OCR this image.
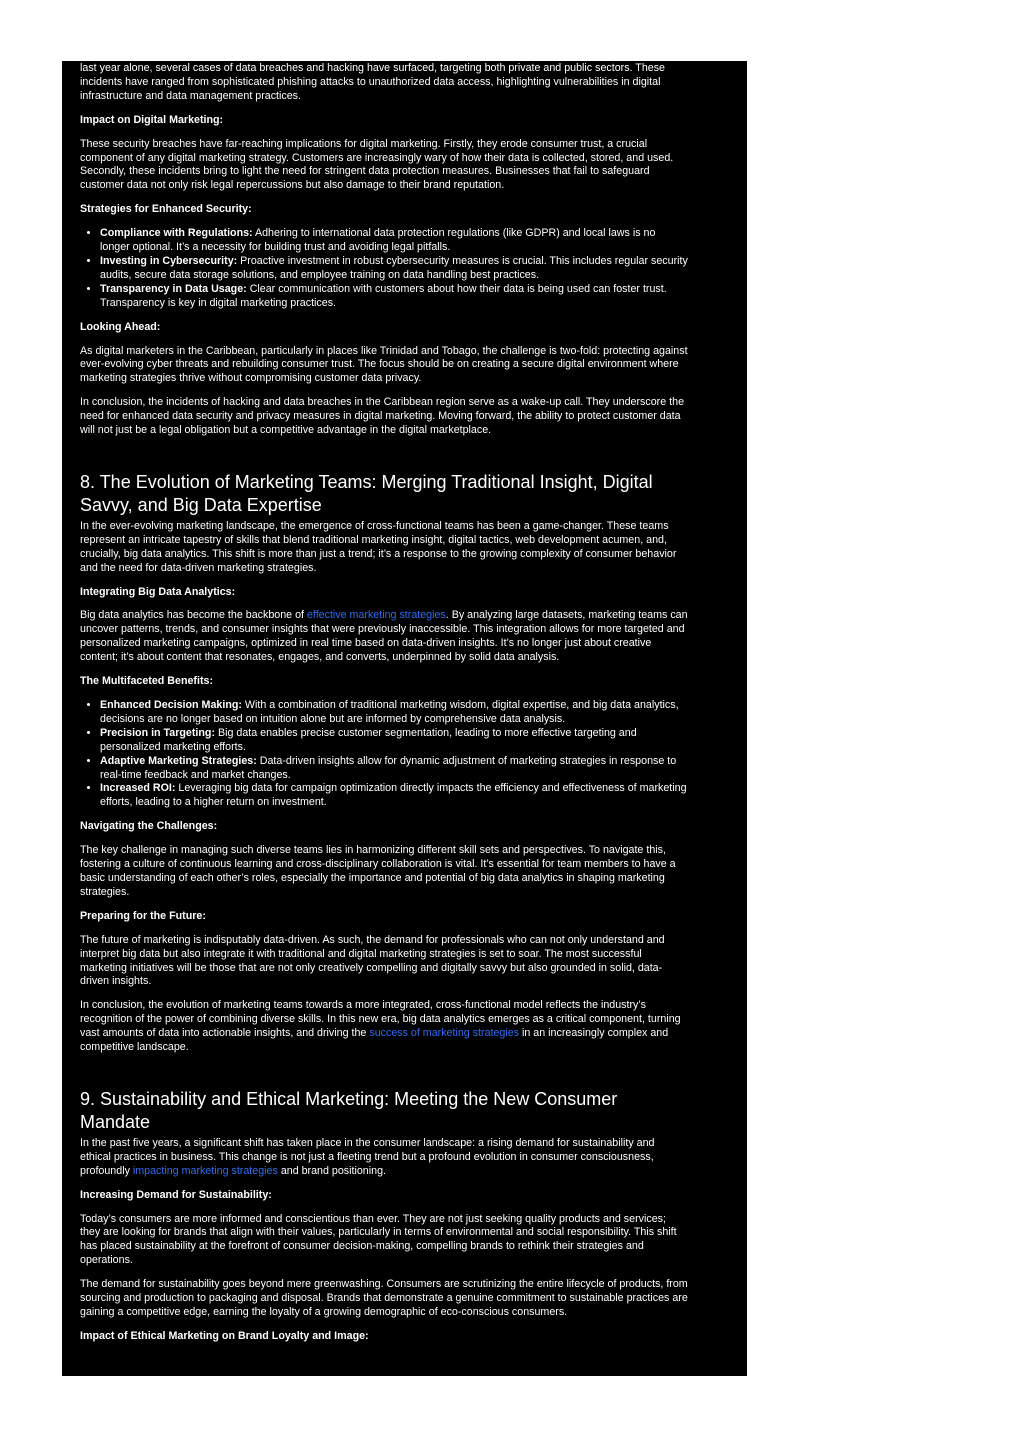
last year alone, several cases of data breaches and hacking have surfaced, targeting both private and public sectors. These incidents have ranged from sophisticated phishing attacks to unauthorized data access, highlighting vulnerabilities in digital infrastructure and data management practices.

Impact on Digital Marketing:

These security breaches have far-reaching implications for digital marketing. Firstly, they erode consumer trust, a crucial component of any digital marketing strategy. Customers are increasingly wary of how their data is collected, stored, and used. Secondly, these incidents bring to light the need for stringent data protection measures. Businesses that fail to safeguard customer data not only risk legal repercussions but also damage to their brand reputation.

Strategies for Enhanced Security:

• Compliance with Regulations: Adhering to international data protection regulations (like GDPR) and local laws is no longer optional. It’s a necessity for building trust and avoiding legal pitfalls.
• Investing in Cybersecurity: Proactive investment in robust cybersecurity measures is crucial. This includes regular security audits, secure data storage solutions, and employee training on data handling best practices.
• Transparency in Data Usage: Clear communication with customers about how their data is being used can foster trust. Transparency is key in digital marketing practices.

Looking Ahead:

As digital marketers in the Caribbean, particularly in places like Trinidad and Tobago, the challenge is two-fold: protecting against ever-evolving cyber threats and rebuilding consumer trust. The focus should be on creating a secure digital environment where marketing strategies thrive without compromising customer data privacy.

In conclusion, the incidents of hacking and data breaches in the Caribbean region serve as a wake-up call. They underscore the need for enhanced data security and privacy measures in digital marketing. Moving forward, the ability to protect customer data will not just be a legal obligation but a competitive advantage in the digital marketplace.

8. The Evolution of Marketing Teams: Merging Traditional Insight, Digital Savvy, and Big Data Expertise

In the ever-evolving marketing landscape, the emergence of cross-functional teams has been a game-changer. These teams represent an intricate tapestry of skills that blend traditional marketing insight, digital tactics, web development acumen, and, crucially, big data analytics. This shift is more than just a trend; it’s a response to the growing complexity of consumer behavior and the need for data-driven marketing strategies.

Integrating Big Data Analytics:

Big data analytics has become the backbone of effective marketing strategies. By analyzing large datasets, marketing teams can uncover patterns, trends, and consumer insights that were previously inaccessible. This integration allows for more targeted and personalized marketing campaigns, optimized in real time based on data-driven insights. It’s no longer just about creative content; it’s about content that resonates, engages, and converts, underpinned by solid data analysis.

The Multifaceted Benefits:

• Enhanced Decision Making: With a combination of traditional marketing wisdom, digital expertise, and big data analytics, decisions are no longer based on intuition alone but are informed by comprehensive data analysis.
• Precision in Targeting: Big data enables precise customer segmentation, leading to more effective targeting and personalized marketing efforts.
• Adaptive Marketing Strategies: Data-driven insights allow for dynamic adjustment of marketing strategies in response to real-time feedback and market changes.
• Increased ROI: Leveraging big data for campaign optimization directly impacts the efficiency and effectiveness of marketing efforts, leading to a higher return on investment.

Navigating the Challenges:

The key challenge in managing such diverse teams lies in harmonizing different skill sets and perspectives. To navigate this, fostering a culture of continuous learning and cross-disciplinary collaboration is vital. It’s essential for team members to have a basic understanding of each other’s roles, especially the importance and potential of big data analytics in shaping marketing strategies.

Preparing for the Future:

The future of marketing is indisputably data-driven. As such, the demand for professionals who can not only understand and interpret big data but also integrate it with traditional and digital marketing strategies is set to soar. The most successful marketing initiatives will be those that are not only creatively compelling and digitally savvy but also grounded in solid, data-driven insights.

In conclusion, the evolution of marketing teams towards a more integrated, cross-functional model reflects the industry’s recognition of the power of combining diverse skills. In this new era, big data analytics emerges as a critical component, turning vast amounts of data into actionable insights, and driving the success of marketing strategies in an increasingly complex and competitive landscape.

9. Sustainability and Ethical Marketing: Meeting the New Consumer Mandate

In the past five years, a significant shift has taken place in the consumer landscape: a rising demand for sustainability and ethical practices in business. This change is not just a fleeting trend but a profound evolution in consumer consciousness, profoundly impacting marketing strategies and brand positioning.

Increasing Demand for Sustainability:

Today’s consumers are more informed and conscientious than ever. They are not just seeking quality products and services; they are looking for brands that align with their values, particularly in terms of environmental and social responsibility. This shift has placed sustainability at the forefront of consumer decision-making, compelling brands to rethink their strategies and operations.

The demand for sustainability goes beyond mere greenwashing. Consumers are scrutinizing the entire lifecycle of products, from sourcing and production to packaging and disposal. Brands that demonstrate a genuine commitment to sustainable practices are gaining a competitive edge, earning the loyalty of a growing demographic of eco-conscious consumers.

Impact of Ethical Marketing on Brand Loyalty and Image:
